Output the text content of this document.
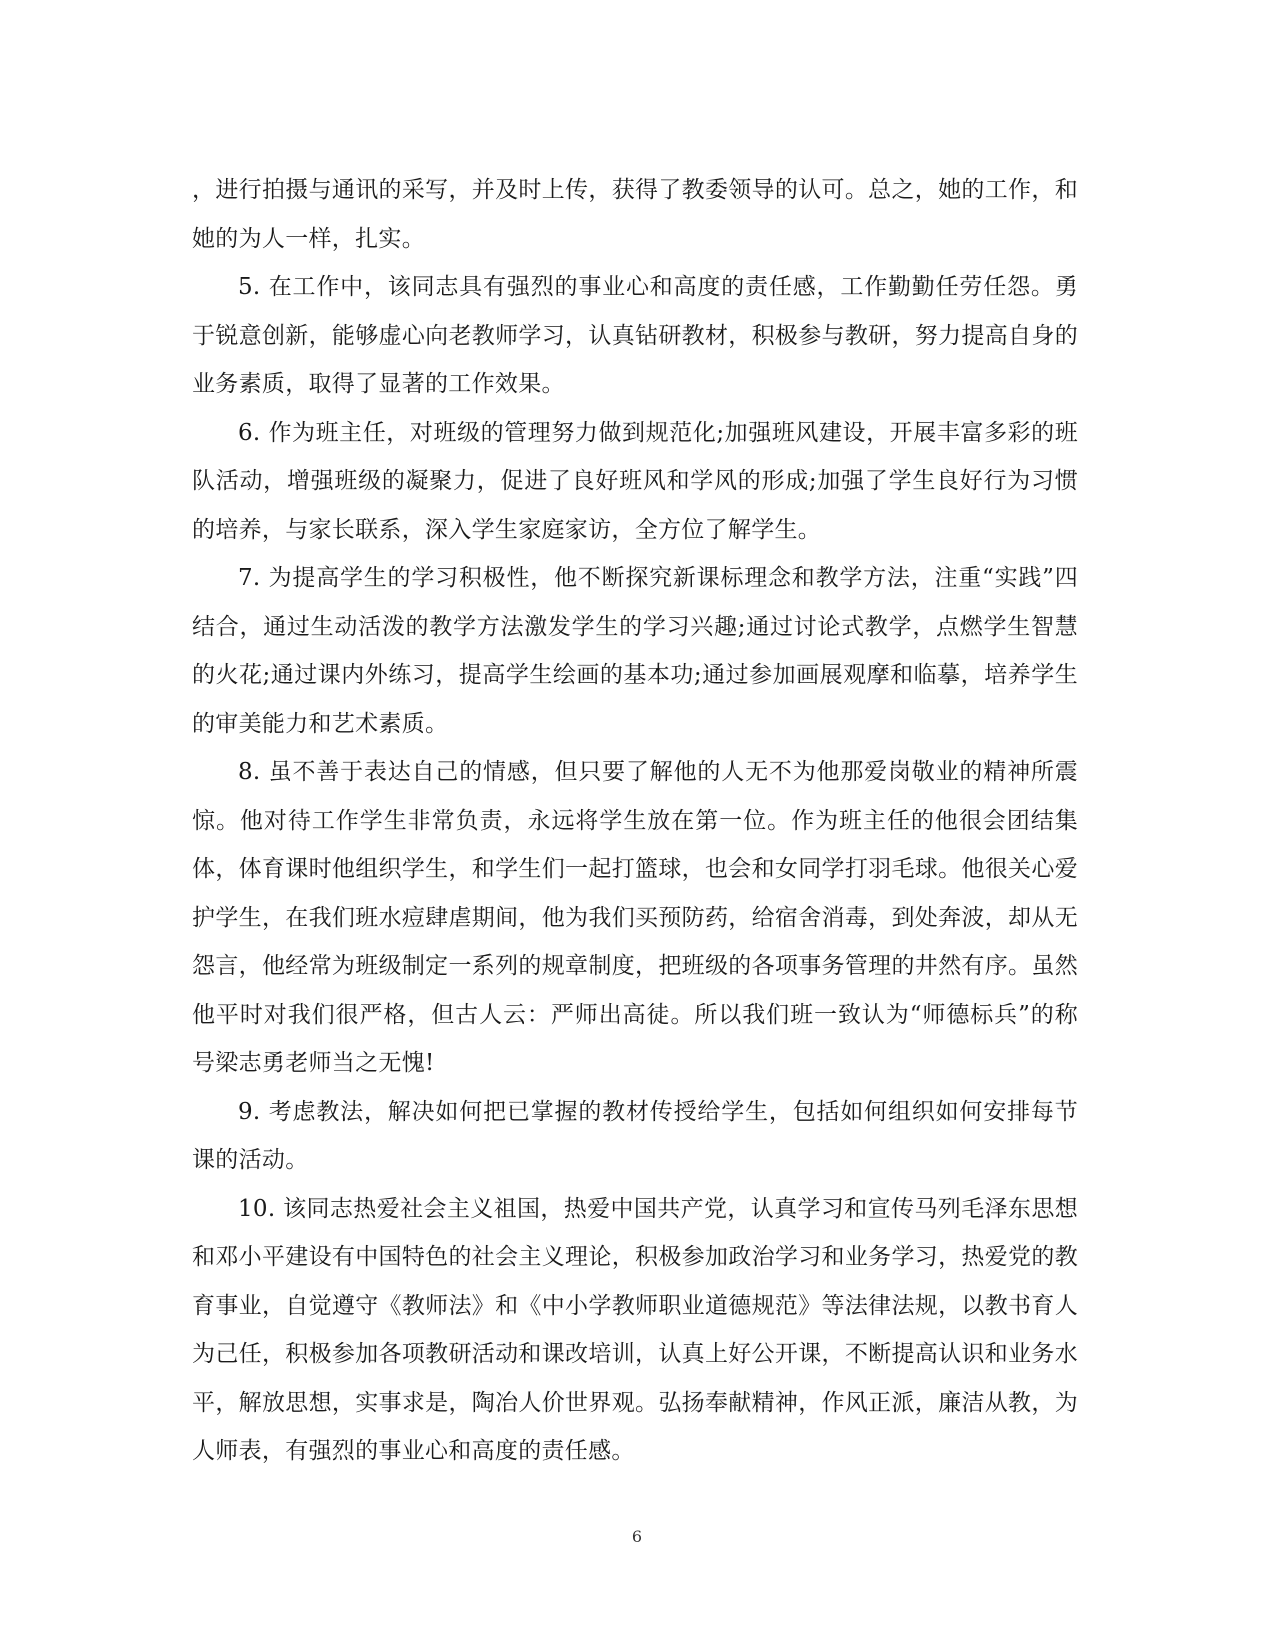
，进行拍摄与通讯的采写，并及时上传，获得了教委领导的认可。总之，她的工作，和她的为人一样，扎实。

5. 在工作中，该同志具有强烈的事业心和高度的责任感，工作勤勤任劳任怨。勇于锐意创新，能够虚心向老教师学习，认真钻研教材，积极参与教研，努力提高自身的业务素质，取得了显著的工作效果。

6. 作为班主任，对班级的管理努力做到规范化;加强班风建设，开展丰富多彩的班队活动，增强班级的凝聚力，促进了良好班风和学风的形成;加强了学生良好行为习惯的培养，与家长联系，深入学生家庭家访，全方位了解学生。

7. 为提高学生的学习积极性，他不断探究新课标理念和教学方法，注重“实践”四结合，通过生动活泼的教学方法激发学生的学习兴趣;通过讨论式教学，点燃学生智慧的火花;通过课内外练习，提高学生绘画的基本功;通过参加画展观摩和临摹，培养学生的审美能力和艺术素质。

8. 虽不善于表达自己的情感，但只要了解他的人无不为他那爱岗敬业的精神所震惊。他对待工作学生非常负责，永远将学生放在第一位。作为班主任的他很会团结集体，体育课时他组织学生，和学生们一起打篮球，也会和女同学打羽毛球。他很关心爱护学生，在我们班水痘肆虐期间，他为我们买预防药，给宿舍消毒，到处奔波，却从无怨言，他经常为班级制定一系列的规章制度，把班级的各项事务管理的井然有序。虽然他平时对我们很严格，但古人云：严师出高徒。所以我们班一致认为“师德标兵”的称号梁志勇老师当之无愧!

9. 考虑教法，解决如何把已掌握的教材传授给学生，包括如何组织如何安排每节课的活动。

10. 该同志热爱社会主义祖国，热爱中国共产党，认真学习和宣传马列毛泽东思想和邓小平建设有中国特色的社会主义理论，积极参加政治学习和业务学习，热爱党的教育事业，自觉遵守《教师法》和《中小学教师职业道德规范》等法律法规，以教书育人为己任，积极参加各项教研活动和课改培训，认真上好公开课，不断提高认识和业务水平，解放思想，实事求是，陶冶人价世界观。弘扬奉献精神，作风正派，廉洁从教，为人师表，有强烈的事业心和高度的责任感。

6
